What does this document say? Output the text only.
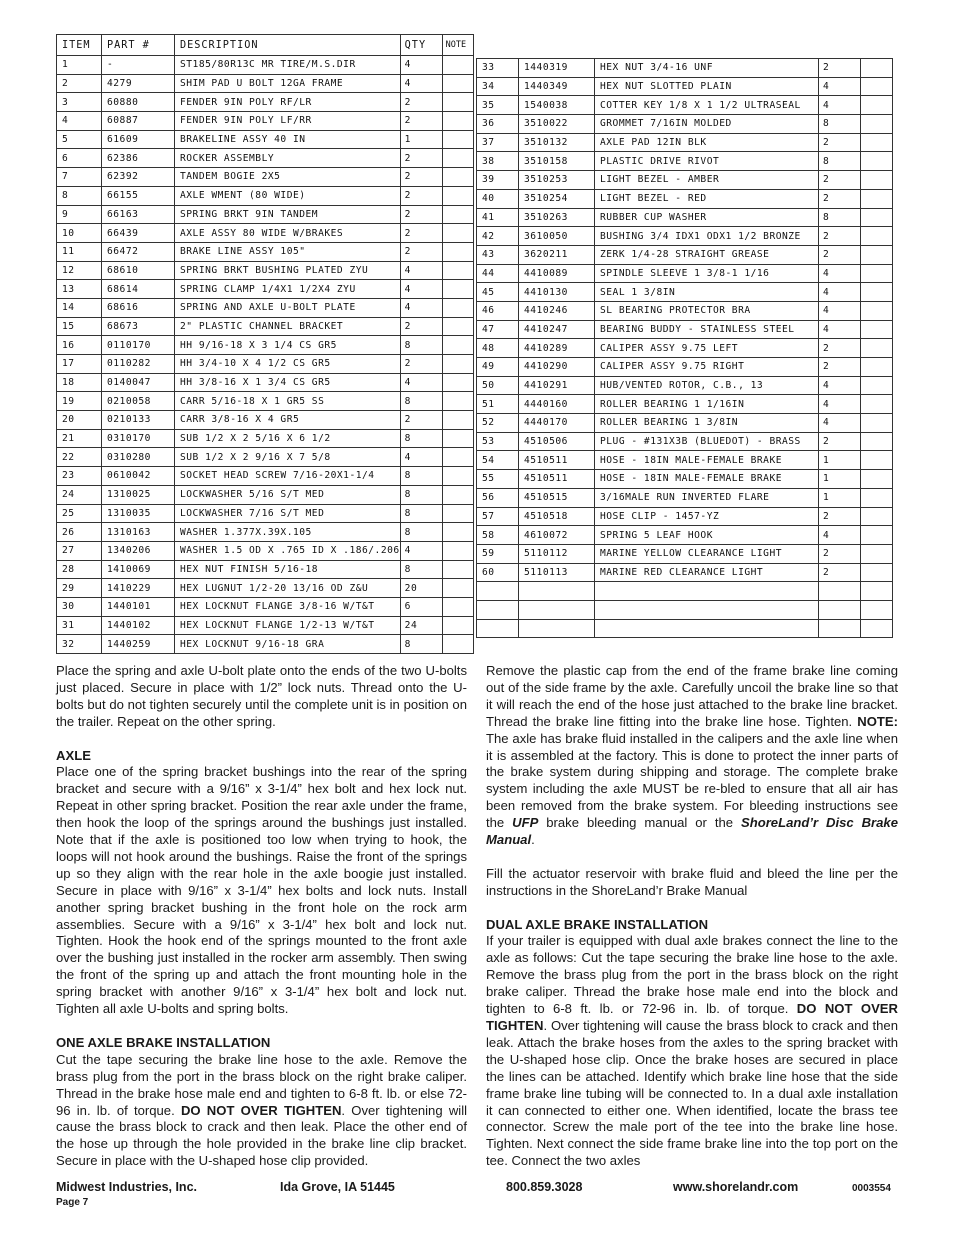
ITEM	PART #	DESCRIPTION	QTY	NOTE
1	-	ST185/80R13C MR TIRE/M.S.DIR	4	
2	4279	SHIM PAD U BOLT 12GA FRAME	4	
3	60880	FENDER 9IN POLY RF/LR	2	
4	60887	FENDER 9IN POLY LF/RR	2	
5	61609	BRAKELINE ASSY 40 IN	1	
6	62386	ROCKER ASSEMBLY	2	
7	62392	TANDEM BOGIE 2X5	2	
8	66155	AXLE WMENT (80 WIDE)	2	
9	66163	SPRING BRKT 9IN TANDEM	2	
10	66439	AXLE ASSY 80 WIDE W/BRAKES	2	
11	66472	BRAKE LINE ASSY 105"	2	
12	68610	SPRING BRKT BUSHING PLATED ZYU	4	
13	68614	SPRING CLAMP 1/4X1 1/2X4 ZYU	4	
14	68616	SPRING AND AXLE U-BOLT PLATE	4	
15	68673	2" PLASTIC CHANNEL BRACKET	2	
16	0110170	HH 9/16-18 X 3 1/4 CS GR5	8	
17	0110282	HH 3/4-10 X 4 1/2 CS GR5	2	
18	0140047	HH 3/8-16 X 1 3/4 CS GR5	4	
19	0210058	CARR 5/16-18 X 1 GR5 SS	8	
20	0210133	CARR 3/8-16 X 4 GR5	2	
21	0310170	SUB 1/2 X 2 5/16 X 6 1/2	8	
22	0310280	SUB 1/2 X 2 9/16 X 7 5/8	4	
23	0610042	SOCKET HEAD SCREW 7/16-20X1-1/4	8	
24	1310025	LOCKWASHER 5/16 S/T MED	8	
25	1310035	LOCKWASHER 7/16 S/T MED	8	
26	1310163	WASHER 1.377X.39X.105	8	
27	1340206	WASHER 1.5 OD X .765 ID X .186/.206	4	
28	1410069	HEX NUT FINISH 5/16-18	8	
29	1410229	HEX LUGNUT 1/2-20 13/16 OD Z&U	20	
30	1440101	HEX LOCKNUT FLANGE 3/8-16 W/T&T	6	
31	1440102	HEX LOCKNUT FLANGE 1/2-13 W/T&T	24	
32	1440259	HEX LOCKNUT 9/16-18 GRA	8	
33	1440319	HEX NUT 3/4-16 UNF	2	
34	1440349	HEX NUT SLOTTED PLAIN	4	
35	1540038	COTTER KEY 1/8 X 1 1/2 ULTRASEAL	4	
36	3510022	GROMMET 7/16IN MOLDED	8	
37	3510132	AXLE PAD 12IN BLK	2	
38	3510158	PLASTIC DRIVE RIVOT	8	
39	3510253	LIGHT BEZEL - AMBER	2	
40	3510254	LIGHT BEZEL - RED	2	
41	3510263	RUBBER CUP WASHER	8	
42	3610050	BUSHING 3/4 IDX1 ODX1 1/2 BRONZE	2	
43	3620211	ZERK 1/4-28 STRAIGHT GREASE	2	
44	4410089	SPINDLE SLEEVE 1 3/8-1 1/16	4	
45	4410130	SEAL 1 3/8IN	4	
46	4410246	SL BEARING PROTECTOR BRA	4	
47	4410247	BEARING BUDDY - STAINLESS STEEL	4	
48	4410289	CALIPER ASSY 9.75 LEFT	2	
49	4410290	CALIPER ASSY 9.75 RIGHT	2	
50	4410291	HUB/VENTED ROTOR, C.B., 13	4	
51	4440160	ROLLER BEARING 1 1/16IN	4	
52	4440170	ROLLER BEARING 1 3/8IN	4	
53	4510506	PLUG - #131X3B (BLUEDOT) - BRASS	2	
54	4510511	HOSE - 18IN MALE-FEMALE BRAKE	1	
55	4510511	HOSE - 18IN MALE-FEMALE BRAKE	1	
56	4510515	3/16MALE RUN INVERTED FLARE	1	
57	4510518	HOSE CLIP - 1457-YZ	2	
58	4610072	SPRING 5 LEAF HOOK	4	
59	5110112	MARINE YELLOW CLEARANCE LIGHT	2	
60	5110113	MARINE RED CLEARANCE LIGHT	2	

Place the spring and axle U-bolt plate onto the ends of the two U-bolts just placed. Secure in place with 1/2” lock nuts. Thread onto the U-bolts but do not tighten securely until the complete unit is in position on the trailer. Repeat on the other spring.

AXLE

Place one of the spring bracket bushings into the rear of the spring bracket and secure with a 9/16” x 3-1/4” hex bolt and hex lock nut. Repeat in other spring bracket. Position the rear axle under the frame, then hook the loop of the springs around the bushings just installed. Note that if the axle is positioned too low when trying to hook, the loops will not hook around the bushings. Raise the front of the springs up so they align with the rear hole in the axle boogie just installed. Secure in place with 9/16” x 3-1/4” hex bolts and lock nuts. Install another spring bracket bushing in the front hole on the rock arm assemblies. Secure with a 9/16” x 3-1/4” hex bolt and lock nut. Tighten. Hook the hook end of the springs mounted to the front axle over the bushing just installed in the rocker arm assembly. Then swing the front of the spring up and attach the front mounting hole in the spring bracket with another 9/16” x 3-1/4” hex bolt and lock nut. Tighten all axle U-bolts and spring bolts.

ONE AXLE BRAKE INSTALLATION

Cut the tape securing the brake line hose to the axle. Remove the brass plug from the port in the brass block on the right brake caliper. Thread in the brake hose male end and tighten to 6-8 ft. lb. or else 72-96 in. lb. of torque. DO NOT OVER TIGHTEN. Over tightening will cause the brass block to crack and then leak. Place the other end of the hose up through the hole provided in the brake line clip bracket. Secure in place with the U-shaped hose clip provided.

Remove the plastic cap from the end of the frame brake line coming out of the side frame by the axle. Carefully uncoil the brake line so that it will reach the end of the hose just attached to the brake line bracket. Thread the brake line fitting into the brake line hose. Tighten. NOTE: The axle has brake fluid installed in the calipers and the axle line when it is assembled at the factory. This is done to protect the inner parts of the brake system during shipping and storage. The complete brake system including the axle MUST be re-bled to ensure that all air has been removed from the brake system. For bleeding instructions see the UFP brake bleeding manual or the ShoreLand’r Disc Brake Manual.

Fill the actuator reservoir with brake fluid and bleed the line per the instructions in the ShoreLand’r Brake Manual

DUAL AXLE BRAKE INSTALLATION

If your trailer is equipped with dual axle brakes connect the line to the axle as follows: Cut the tape securing the brake line hose to the axle. Remove the brass plug from the port in the brass block on the right brake caliper. Thread the brake hose male end into the block and tighten to 6-8 ft. lb. or 72-96 in. lb. of torque. DO NOT OVER TIGHTEN. Over tightening will cause the brass block to crack and then leak. Attach the brake hoses from the axles to the spring bracket with the U-shaped hose clip. Once the brake hoses are secured in place the lines can be attached. Identify which brake line hose that the side frame brake line tubing will be connected to. In a dual axle installation it can connected to either one. When identified, locate the brass tee connector. Screw the male port of the tee into the brake line hose. Tighten. Next connect the side frame brake line into the top port on the tee. Connect the two axles

Midwest Industries, Inc.
Page 7
Ida Grove, IA 51445	800.859.3028	www.shorelandr.com	0003554
